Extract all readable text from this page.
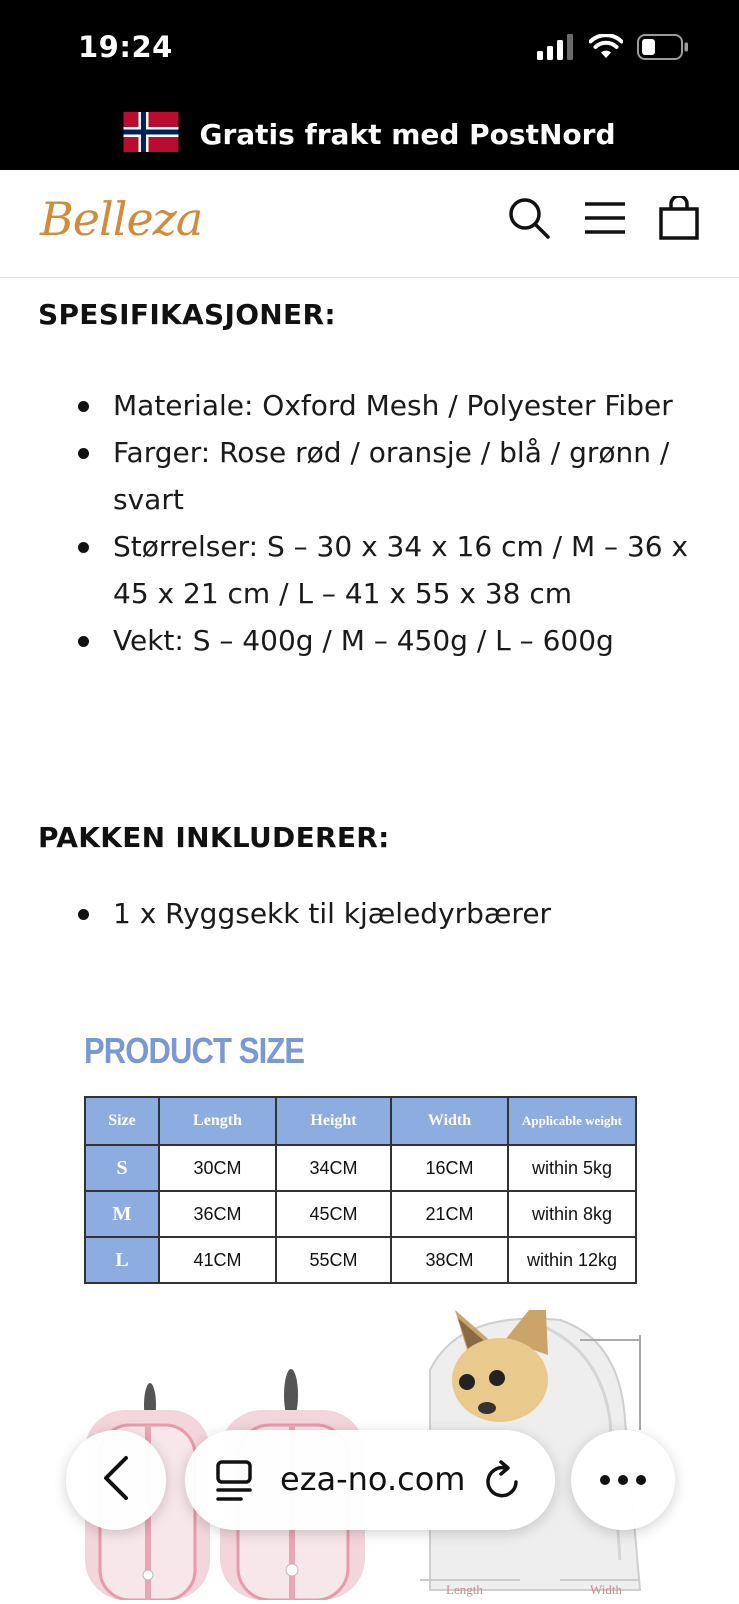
19:24
Gratis frakt med PostNord
Belleza
SPESIFIKASJONER:
Materiale: Oxford Mesh / Polyester Fiber
Farger: Rose rød / oransje / blå / grønn / svart
Størrelser: S – 30 x 34 x 16 cm / M – 36 x 45 x 21 cm / L – 41 x 55 x 38 cm
Vekt: S – 400g / M – 450g / L – 600g
PAKKEN INKLUDERER:
1 x Ryggsekk til kjæledyrbærer
PRODUCT SIZE
Size	Length	Height	Width	Applicable weight
S	30CM	34CM	16CM	within 5kg
M	36CM	45CM	21CM	within 8kg
L	41CM	55CM	38CM	within 12kg
Length	Width
eza-no.com
